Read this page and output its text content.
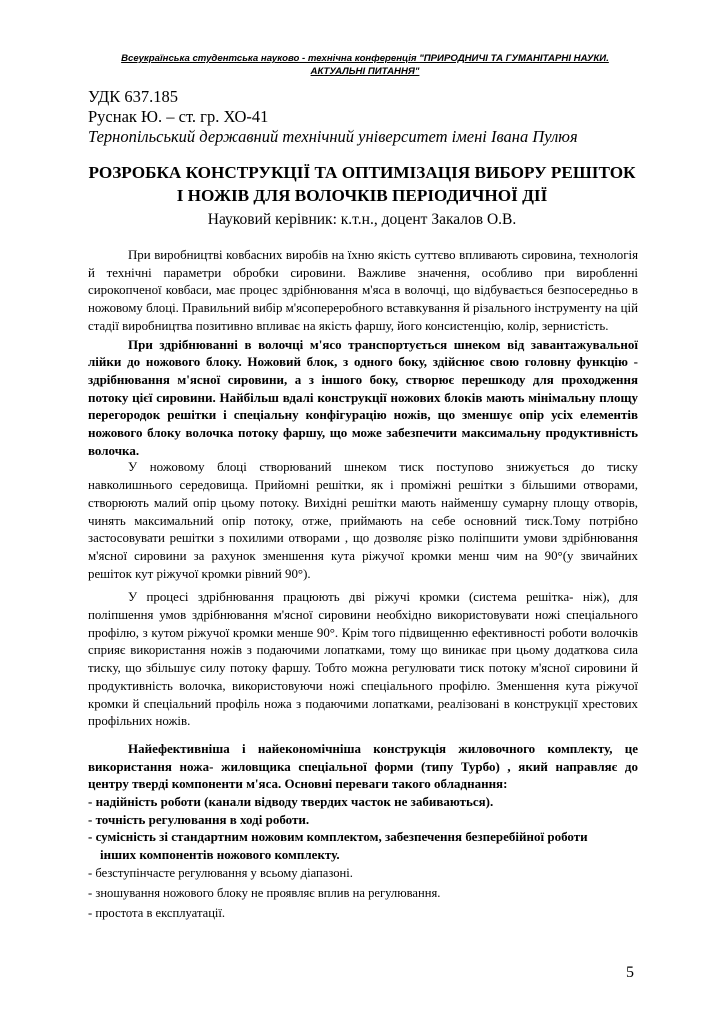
Всеукраїнська студентська науково - технічна конференція "ПРИРОДНИЧІ ТА ГУМАНІТАРНІ НАУКИ.
АКТУАЛЬНІ ПИТАННЯ"
УДК 637.185
Руснак Ю. – ст. гр. ХО-41
Тернопільський державний технічний університет імені Івана Пулюя
РОЗРОБКА КОНСТРУКЦІЇ ТА ОПТИМІЗАЦІЯ ВИБОРУ РЕШІТОК
І НОЖІВ ДЛЯ ВОЛОЧКІВ ПЕРІОДИЧНОЇ ДІЇ
Науковий керівник: к.т.н., доцент Закалов О.В.

При виробництві ковбасних виробів на їхню якість суттєво впливають сировина, технологія й технічні параметри обробки сировини. Важливе значення, особливо при виробленні сирокопченої ковбаси, має процес здрібнювання м'яса в волочці, що відбувається безпосередньо в ножовому блоці. Правильний вибір м'ясопереробного вставкування й різального інструменту на цій стадії виробництва позитивно впливає на якість фаршу, його консистенцію, колір, зернистість.

При здрібнюванні в волочці м'ясо транспортується шнеком від завантажувальної лійки до ножового блоку. Ножовий блок, з одного боку, здійснює свою головну функцію - здрібнювання м'ясної сировини, а з іншого боку, створює перешкоду для проходження потоку цієї сировини. Найбільш вдалі конструкції ножових блоків мають мінімальну площу перегородок решітки і спеціальну конфігурацію ножів, що зменшує опір усіх елементів ножового блоку волочка потоку фаршу, що може забезпечити максимальну продуктивність волочка.

У ножовому блоці створюваний шнеком тиск поступово знижується до тиску навколишнього середовища. Прийомні решітки, як і проміжні решітки з більшими отворами, створюють малий опір цьому потоку. Вихідні решітки мають найменшу сумарну площу отворів, чинять максимальний опір потоку, отже, приймають на себе основний тиск.Тому потрібно застосовувати решітки з похилими отворами , що дозволяє різко поліпшити умови здрібнювання м'ясної сировини за рахунок зменшення кута ріжучої кромки менш чим на 90°(у звичайних решіток кут ріжучої кромки рівний 90°).

У процесі здрібнювання працюють дві ріжучі кромки (система решітка- ніж), для поліпшення умов здрібнювання м'ясної сировини необхідно використовувати ножі спеціального профілю, з кутом ріжучої кромки менше 90°. Крім того підвищенню ефективності роботи волочків сприяє використання ножів з подаючими лопатками, тому що виникає при цьому додаткова сила тиску, що збільшує силу потоку фаршу. Тобто можна регулювати тиск потоку м'ясної сировини й продуктивність волочка, використовуючи ножі спеціального профілю. Зменшення кута ріжучої кромки й спеціальний профіль ножа з подаючими лопатками, реалізовані в конструкції хрестових профільних ножів.

Найефективніша і найекономічніша конструкція жиловочного комплекту, це використання ножа- жиловщика спеціальної форми (типу Турбо) , який направляє до центру тверді компоненти м'яса. Основні переваги такого обладнання:

- надійність роботи (канали відводу твердих часток не забиваються).
- точність регулювання в ході роботи.
- сумісність зі стандартним ножовим комплектом, забезпечення безперебійної роботи
інших компонентів ножового комплекту.
- безступінчасте регулювання у всьому діапазоні.
- зношування ножового блоку не проявляє вплив на регулювання.
- простота в експлуатації.
5
